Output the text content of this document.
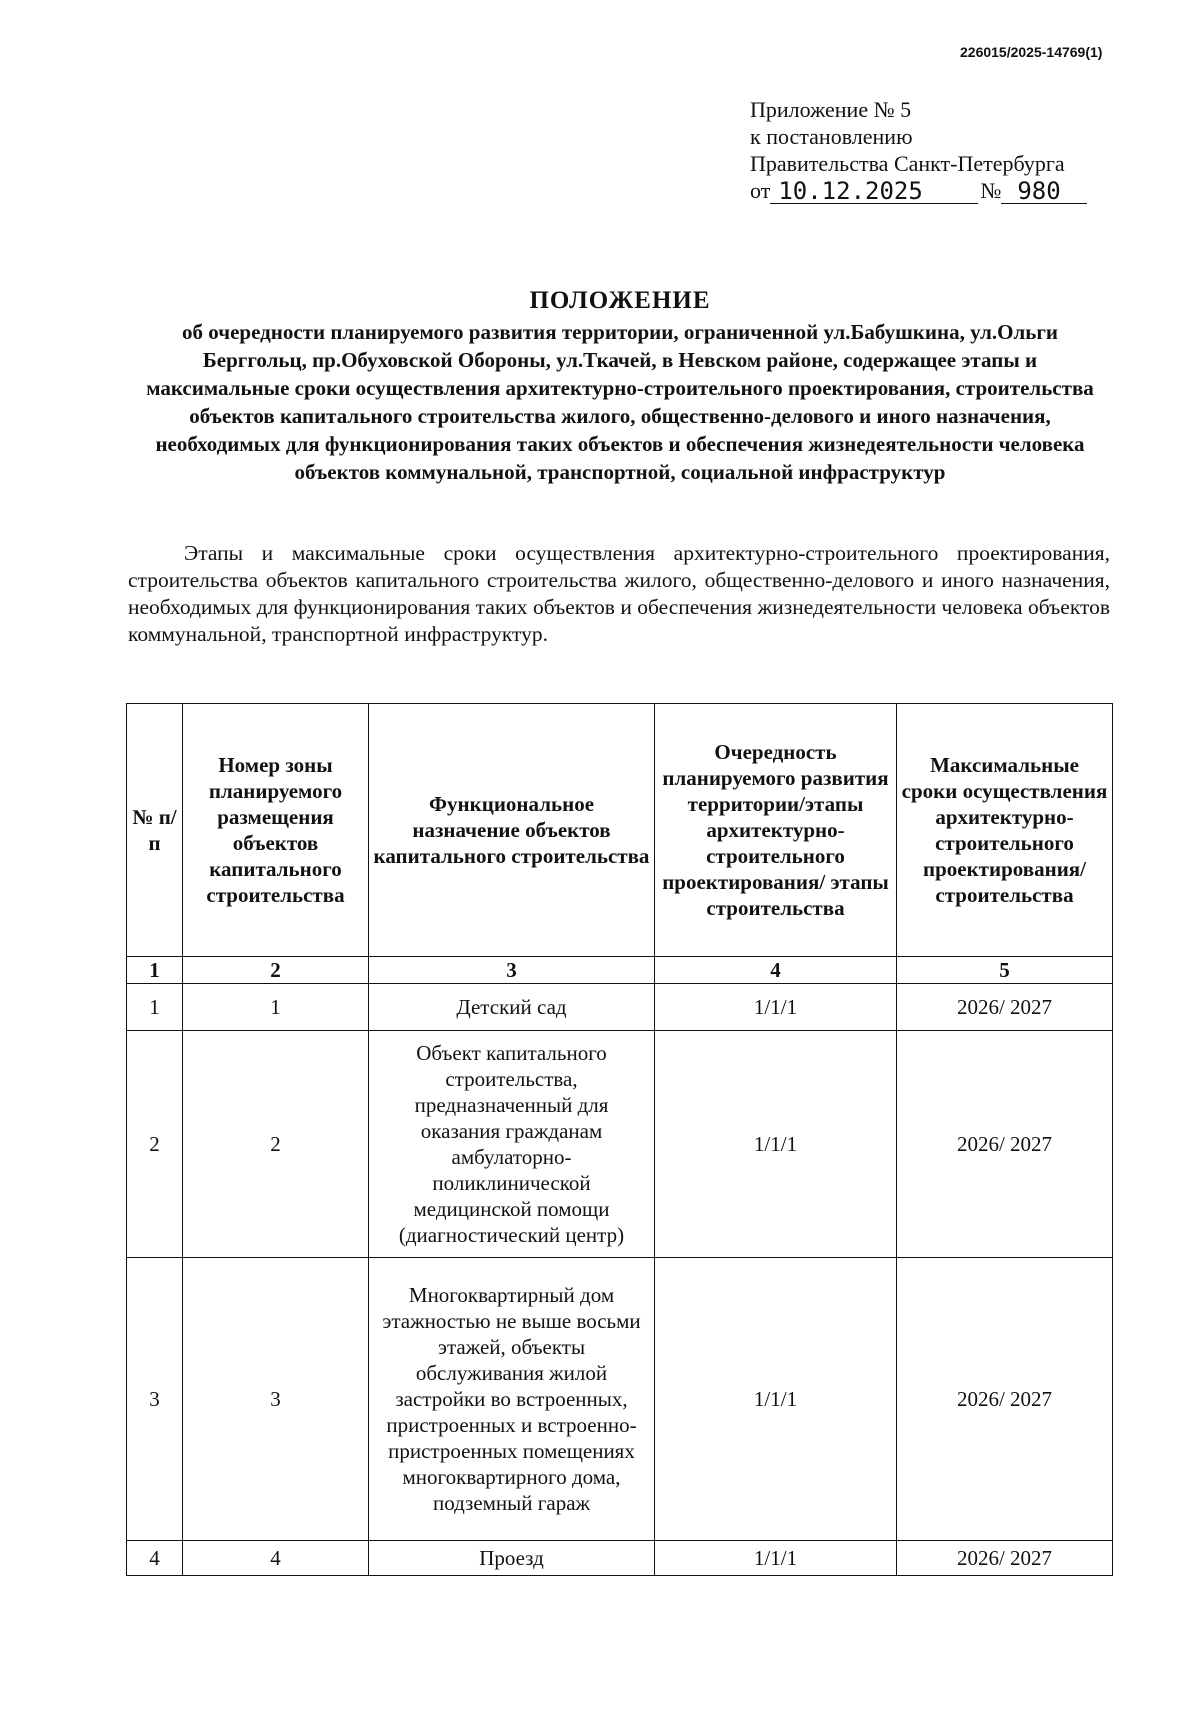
226015/2025-14769(1)
Приложение № 5
к постановлению
Правительства Санкт-Петербурга
от 10.12.2025	№ 980
ПОЛОЖЕНИЕ
об очередности планируемого развития территории, ограниченной ул.Бабушкина, ул.Ольги Берггольц, пр.Обуховской Обороны, ул.Ткачей, в Невском районе, содержащее этапы и максимальные сроки осуществления архитектурно-строительного проектирования, строительства объектов капитального строительства жилого, общественно-делового и иного назначения, необходимых для функционирования таких объектов и обеспечения жизнедеятельности человека объектов коммунальной, транспортной, социальной инфраструктур
Этапы и максимальные сроки осуществления архитектурно-строительного проектирования, строительства объектов капитального строительства жилого, общественно-делового и иного назначения, необходимых для функционирования таких объектов и обеспечения жизнедеятельности человека объектов коммунальной, транспортной инфраструктур.
№ п/п	Номер зоны планируемого размещения объектов капитального строительства	Функциональное назначение объектов капитального строительства	Очередность планируемого развития территории/этапы архитектурно-строительного проектирования/ этапы строительства	Максимальные сроки осуществления архитектурно-строительного проектирования/ строительства
1	2	3	4	5
1	1	Детский сад	1/1/1	2026/ 2027
2	2	Объект капитального строительства, предназначенный для оказания гражданам амбулаторно-поликлинической медицинской помощи (диагностический центр)	1/1/1	2026/ 2027
3	3	Многоквартирный дом этажностью не выше восьми этажей, объекты обслуживания жилой застройки во встроенных, пристроенных и встроенно-пристроенных помещениях многоквартирного дома, подземный гараж	1/1/1	2026/ 2027
4	4	Проезд	1/1/1	2026/ 2027
